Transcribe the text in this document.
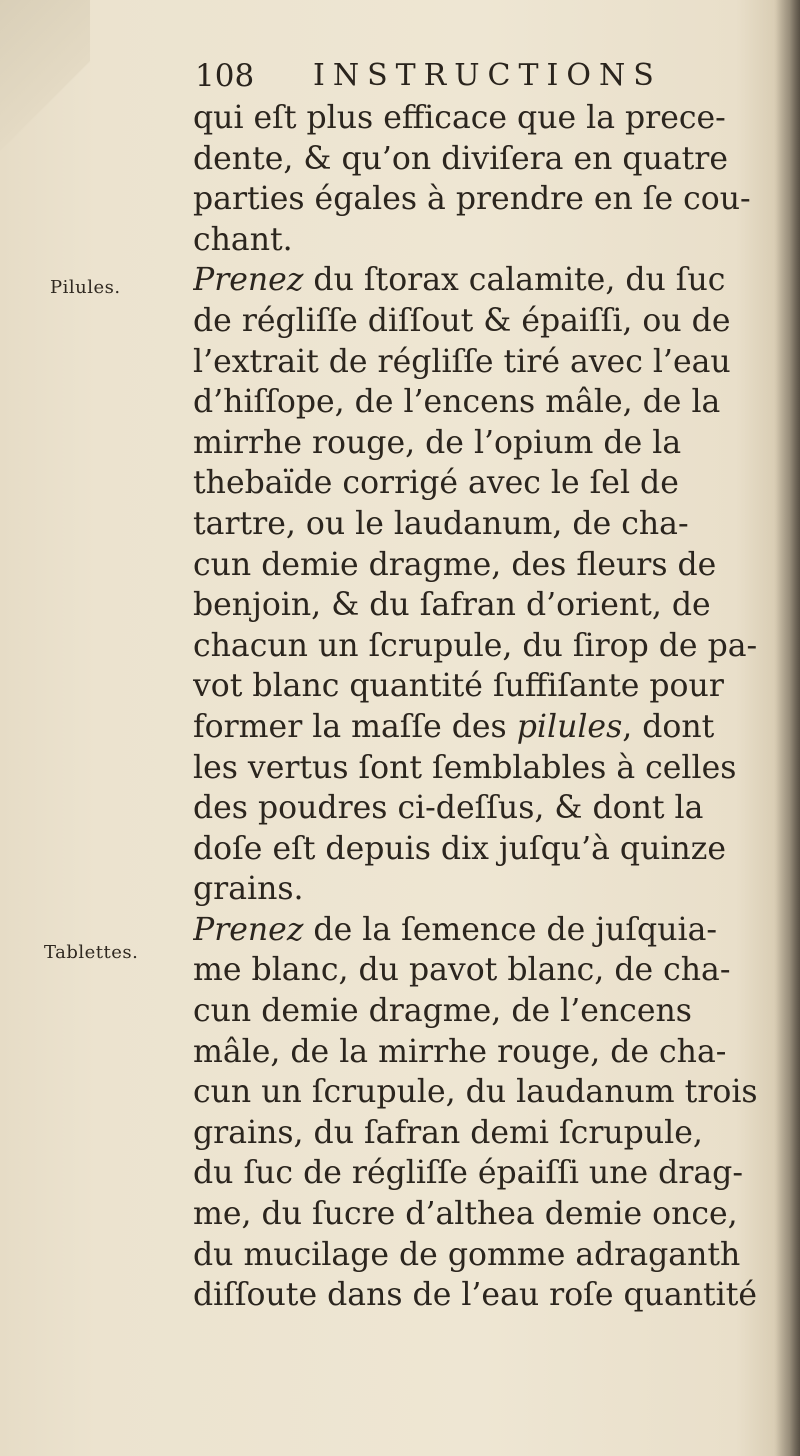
108 INSTRUCTIONS
Pilules.
Tablettes.
qui eſt plus efficace que la prece-
dente, & qu’on diviſera en quatre
parties égales à prendre en ſe cou-
chant.
Prenez du ſtorax calamite, du ſuc
de régliſſe diſſout & épaiſſi, ou de
l’extrait de régliſſe tiré avec l’eau
d’hiſſope, de l’encens mâle, de la
mirrhe rouge, de l’opium de la
thebaïde corrigé avec le ſel de
tartre, ou le laudanum, de cha-
cun demie dragme, des fleurs de
benjoin, & du ſafran d’orient, de
chacun un ſcrupule, du ſirop de pa-
vot blanc quantité ſuffiſante pour
former la maſſe des pilules, dont
les vertus ſont ſemblables à celles
des poudres ci-deſſus, & dont la
doſe eſt depuis dix juſqu’à quinze
grains.
Prenez de la ſemence de juſquia-
me blanc, du pavot blanc, de cha-
cun demie dragme, de l’encens
mâle, de la mirrhe rouge, de cha-
cun un ſcrupule, du laudanum trois
grains, du ſafran demi ſcrupule,
du ſuc de régliſſe épaiſſi une drag-
me, du ſucre d’althea demie once,
du mucilage de gomme adraganth
diſſoute dans de l’eau roſe quantité
